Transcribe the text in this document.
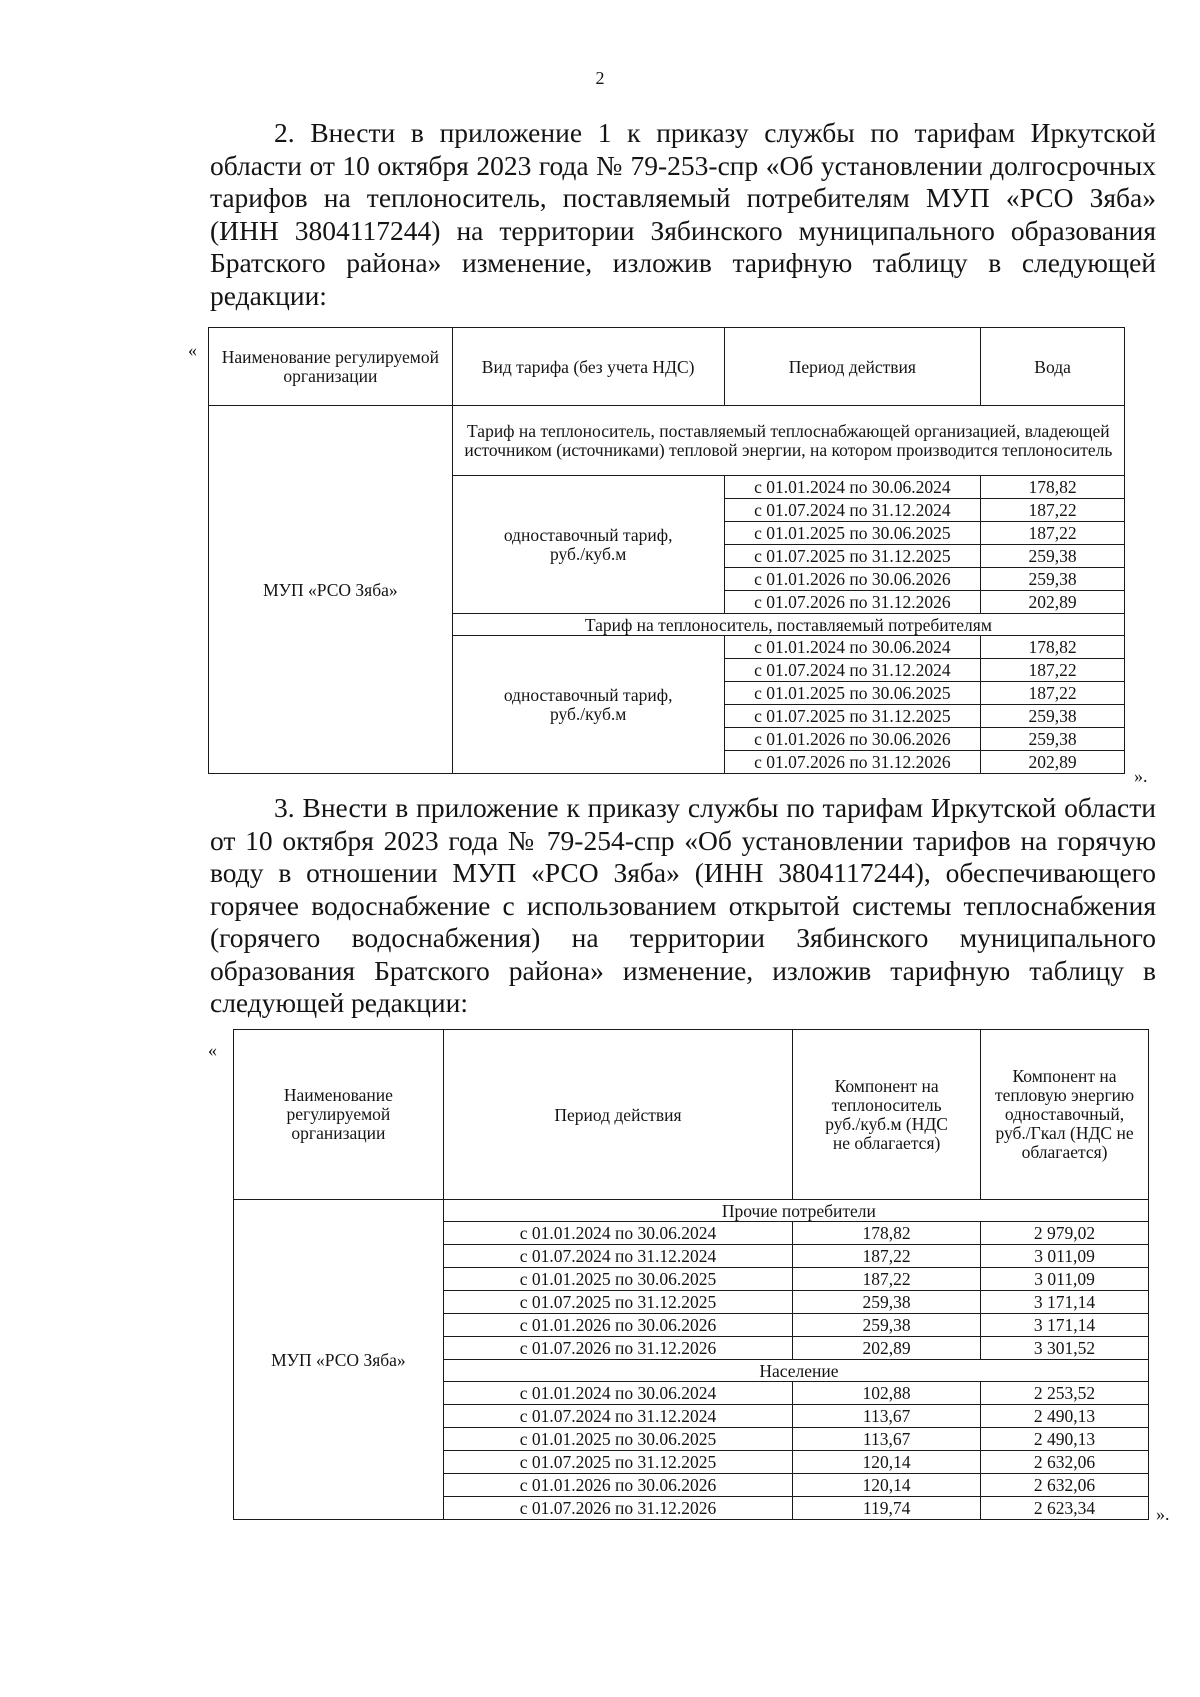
2

2. Внести в приложение 1 к приказу службы по тарифам Иркутской области от 10 октября 2023 года № 79-253-спр «Об установлении долгосрочных тарифов на теплоноситель, поставляемый потребителям МУП «РСО Зяба» (ИНН 3804117244) на территории Зябинского муниципального образования Братского района» изменение, изложив тарифную таблицу в следующей редакции:

« Наименование регулируемой организации	Вид тарифа (без учета НДС)	Период действия	Вода
МУП «РСО Зяба»	Тариф на теплоноситель, поставляемый теплоснабжающей организацией, владеющей источником (источниками) тепловой энергии, на котором производится теплоноситель		
	одноставочный тариф, руб./куб.м	с 01.01.2024 по 30.06.2024	178,82
		с 01.07.2024 по 31.12.2024	187,22
		с 01.01.2025 по 30.06.2025	187,22
		с 01.07.2025 по 31.12.2025	259,38
		с 01.01.2026 по 30.06.2026	259,38
		с 01.07.2026 по 31.12.2026	202,89
	Тариф на теплоноситель, поставляемый потребителям		
	одноставочный тариф, руб./куб.м	с 01.01.2024 по 30.06.2024	178,82
		с 01.07.2024 по 31.12.2024	187,22
		с 01.01.2025 по 30.06.2025	187,22
		с 01.07.2025 по 31.12.2025	259,38
		с 01.01.2026 по 30.06.2026	259,38
		с 01.07.2026 по 31.12.2026	202,89
».

3. Внести в приложение к приказу службы по тарифам Иркутской области от 10 октября 2023 года № 79-254-спр «Об установлении тарифов на горячую воду в отношении МУП «РСО Зяба» (ИНН 3804117244), обеспечивающего горячее водоснабжение с использованием открытой системы теплоснабжения (горячего водоснабжения) на территории Зябинского муниципального образования Братского района» изменение, изложив тарифную таблицу в следующей редакции:

«
Наименование регулируемой организации	Период действия	Компонент на теплоноситель руб./куб.м (НДС не облагается)	Компонент на тепловую энергию одноставочный, руб./Гкал (НДС не облагается)
МУП «РСО Зяба»	Прочие потребители		
	с 01.01.2024 по 30.06.2024	178,82	2 979,02
	с 01.07.2024 по 31.12.2024	187,22	3 011,09
	с 01.01.2025 по 30.06.2025	187,22	3 011,09
	с 01.07.2025 по 31.12.2025	259,38	3 171,14
	с 01.01.2026 по 30.06.2026	259,38	3 171,14
	с 01.07.2026 по 31.12.2026	202,89	3 301,52
	Население		
	с 01.01.2024 по 30.06.2024	102,88	2 253,52
	с 01.07.2024 по 31.12.2024	113,67	2 490,13
	с 01.01.2025 по 30.06.2025	113,67	2 490,13
	с 01.07.2025 по 31.12.2025	120,14	2 632,06
	с 01.01.2026 по 30.06.2026	120,14	2 632,06
	с 01.07.2026 по 31.12.2026	119,74	2 623,34	».
